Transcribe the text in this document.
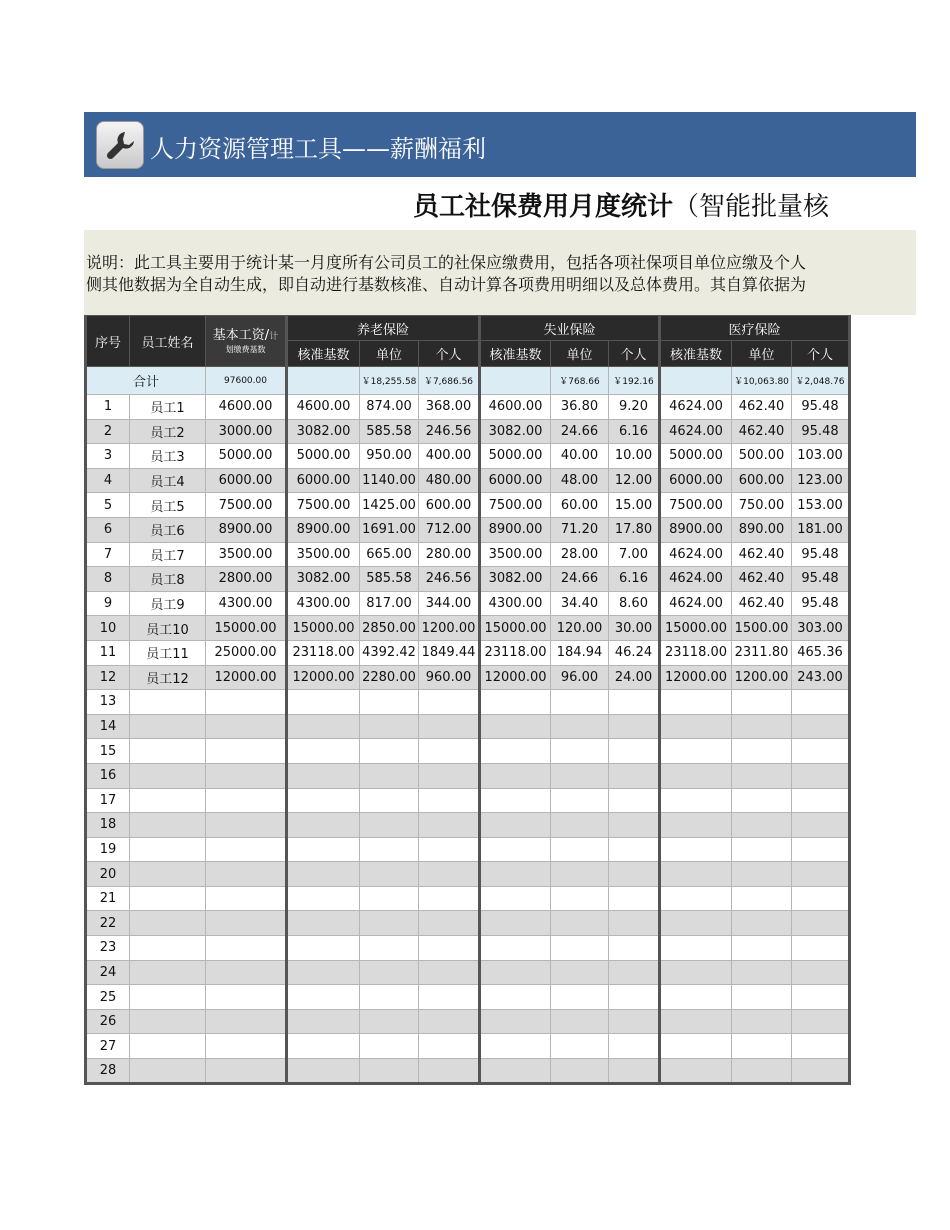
人力资源管理工具——薪酬福利
员工社保费用月度统计（智能批量核
说明：此工具主要用于统计某一月度所有公司员工的社保应缴费用，包括各项社保项目单位应缴及个人
侧其他数据为全自动生成，即自动进行基数核准、自动计算各项费用明细以及总体费用。其自算依据为
序号	员工姓名	基本工资/计
划缴费基数	养老保险			失业保险			医疗保险		
			核准基数	单位	个人	核准基数	单位	个人	核准基数	单位	个人
合计		97600.00		￥18,255.58	￥7,686.56		￥768.66	￥192.16		￥10,063.80	￥2,048.76
1	员工1	4600.00	4600.00	874.00	368.00	4600.00	36.80	9.20	4624.00	462.40	95.48
2	员工2	3000.00	3082.00	585.58	246.56	3082.00	24.66	6.16	4624.00	462.40	95.48
3	员工3	5000.00	5000.00	950.00	400.00	5000.00	40.00	10.00	5000.00	500.00	103.00
4	员工4	6000.00	6000.00	1140.00	480.00	6000.00	48.00	12.00	6000.00	600.00	123.00
5	员工5	7500.00	7500.00	1425.00	600.00	7500.00	60.00	15.00	7500.00	750.00	153.00
6	员工6	8900.00	8900.00	1691.00	712.00	8900.00	71.20	17.80	8900.00	890.00	181.00
7	员工7	3500.00	3500.00	665.00	280.00	3500.00	28.00	7.00	4624.00	462.40	95.48
8	员工8	2800.00	3082.00	585.58	246.56	3082.00	24.66	6.16	4624.00	462.40	95.48
9	员工9	4300.00	4300.00	817.00	344.00	4300.00	34.40	8.60	4624.00	462.40	95.48
10	员工10	15000.00	15000.00	2850.00	1200.00	15000.00	120.00	30.00	15000.00	1500.00	303.00
11	员工11	25000.00	23118.00	4392.42	1849.44	23118.00	184.94	46.24	23118.00	2311.80	465.36
12	员工12	12000.00	12000.00	2280.00	960.00	12000.00	96.00	24.00	12000.00	1200.00	243.00
13											
14											
15											
16											
17											
18											
19											
20											
21											
22											
23											
24											
25											
26											
27											
28											
